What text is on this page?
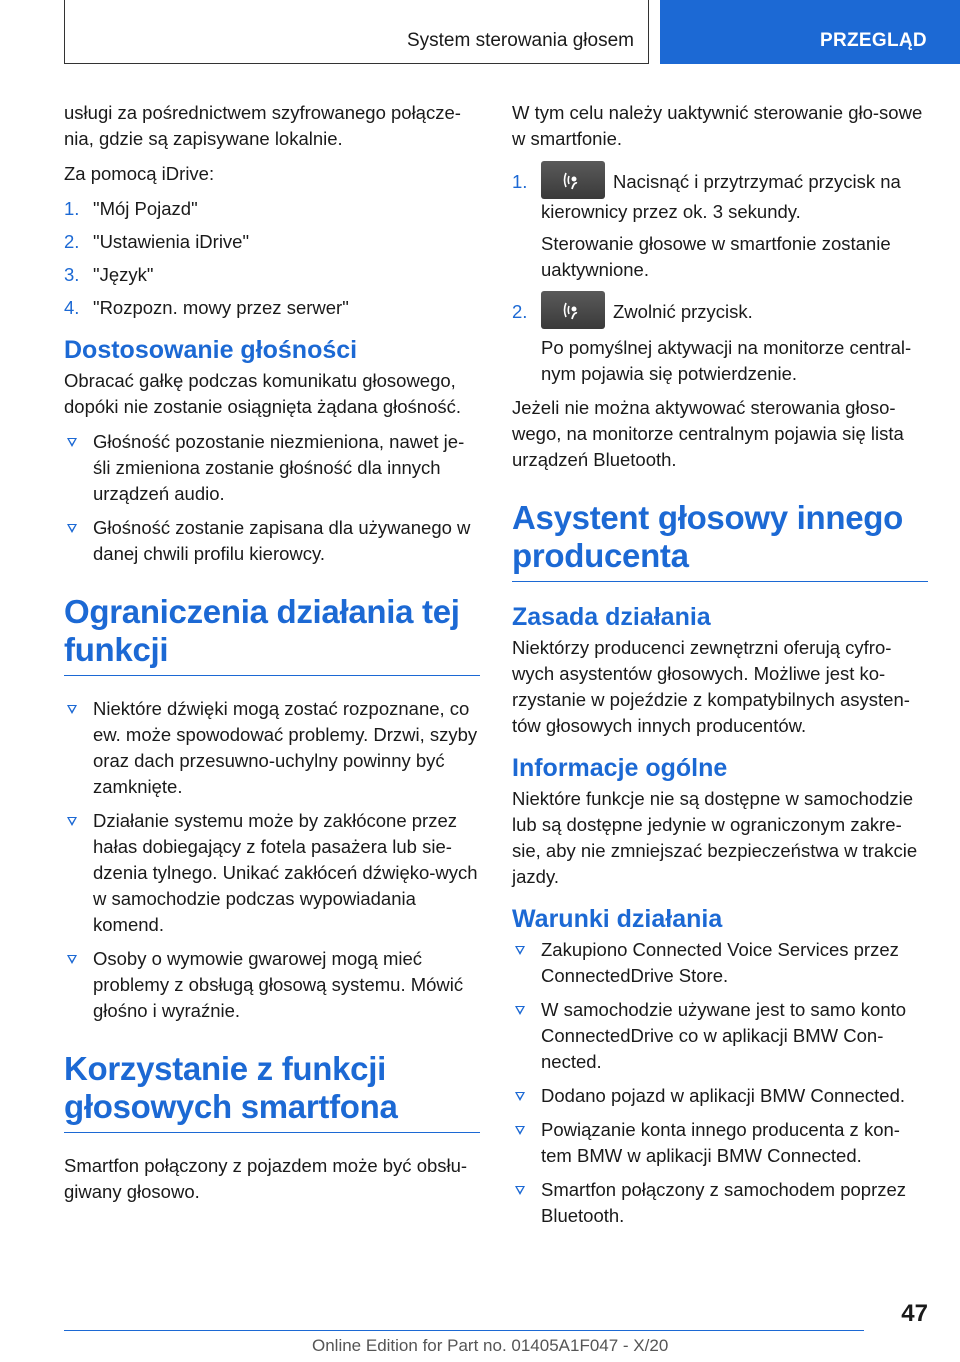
System sterowania głosem	PRZEGLĄD

usługi za pośrednictwem szyfrowanego połącze-nia, gdzie są zapisywane lokalnie.

Za pomocą iDrive:

1. "Mój Pojazd"
2. "Ustawienia iDrive"
3. "Język"
4. "Rozpozn. mowy przez serwer"
Dostosowanie głośności

Obracać gałkę podczas komunikatu głosowego, dopóki nie zostanie osiągnięta żądana głośność.

Głośność pozostanie niezmieniona, nawet je-śli zmieniona zostanie głośność dla innych urządzeń audio.
Głośność zostanie zapisana dla używanego w danej chwili profilu kierowcy.
Ograniczenia działania tej funkcji
Niektóre dźwięki mogą zostać rozpoznane, co ew. może spowodować problemy. Drzwi, szyby oraz dach przesuwno-uchylny powinny być zamknięte.
Działanie systemu może by zakłócone przez hałas dobiegający z fotela pasażera lub sie-dzenia tylnego. Unikać zakłóceń dźwięko-wych w samochodzie podczas wypowiadania komend.
Osoby o wymowie gwarowej mogą mieć problemy z obsługą głosową systemu. Mówić głośno i wyraźnie.
Korzystanie z funkcji głosowych smartfona

Smartfon połączony z pojazdem może być obsłu-giwany głosowo.

W tym celu należy uaktywnić sterowanie gło-sowe w smartfonie.

1.	Nacisnąć i przytrzymać przycisk na kierownicy przez ok. 3 sekundy.
Sterowanie głosowe w smartfonie zostanie uaktywnione.
2.	Zwolnić przycisk.
Po pomyślnej aktywacji na monitorze central-nym pojawia się potwierdzenie.

Jeżeli nie można aktywować sterowania głoso-wego, na monitorze centralnym pojawia się lista urządzeń Bluetooth.

Asystent głosowy innego producenta
Zasada działania

Niektórzy producenci zewnętrzni oferują cyfro-wych asystentów głosowych. Możliwe jest ko-rzystanie w pojeździe z kompatybilnych asysten-tów głosowych innych producentów.

Informacje ogólne

Niektóre funkcje nie są dostępne w samochodzie lub są dostępne jedynie w ograniczonym zakre-sie, aby nie zmniejszać bezpieczeństwa w trakcie jazdy.

Warunki działania
Zakupiono Connected Voice Services przez ConnectedDrive Store.
W samochodzie używane jest to samo konto ConnectedDrive co w aplikacji BMW Con-nected.
Dodano pojazd w aplikacji BMW Connected.
Powiązanie konta innego producenta z kon-tem BMW w aplikacji BMW Connected.
Smartfon połączony z samochodem poprzez Bluetooth.
47
Online Edition for Part no. 01405A1F047 - X/20
